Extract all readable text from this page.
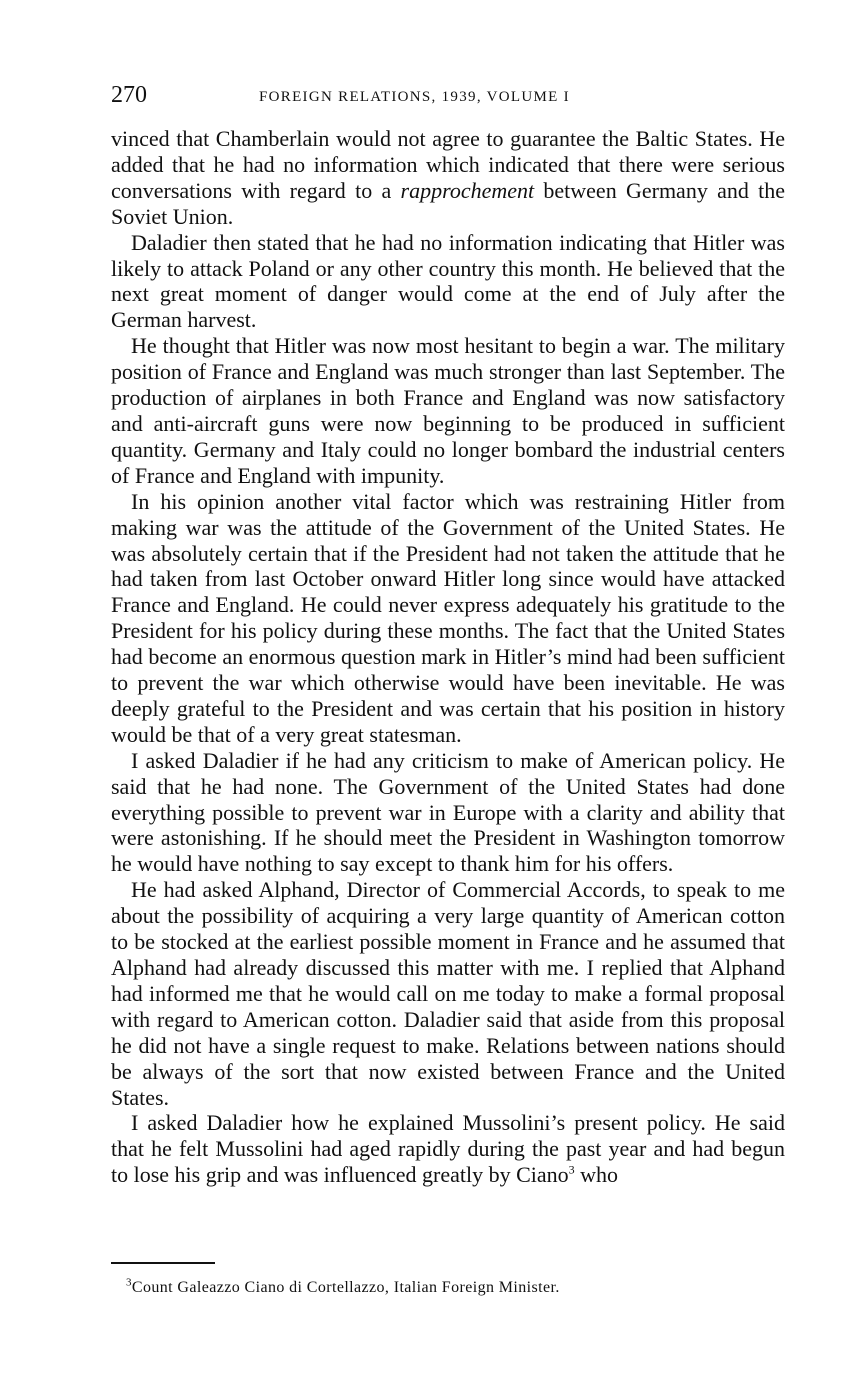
270	FOREIGN RELATIONS, 1939, VOLUME I

vinced that Chamberlain would not agree to guarantee the Baltic States. He added that he had no information which indicated that there were serious conversations with regard to a rapprochement between Germany and the Soviet Union.

Daladier then stated that he had no information indicating that Hitler was likely to attack Poland or any other country this month. He believed that the next great moment of danger would come at the end of July after the German harvest.

He thought that Hitler was now most hesitant to begin a war. The military position of France and England was much stronger than last September. The production of airplanes in both France and England was now satisfactory and anti-aircraft guns were now beginning to be produced in sufficient quantity. Germany and Italy could no longer bombard the industrial centers of France and England with impunity.

In his opinion another vital factor which was restraining Hitler from making war was the attitude of the Government of the United States. He was absolutely certain that if the President had not taken the attitude that he had taken from last October onward Hitler long since would have attacked France and England. He could never express adequately his gratitude to the President for his policy during these months. The fact that the United States had become an enormous question mark in Hitler’s mind had been sufficient to prevent the war which otherwise would have been inevitable. He was deeply grateful to the President and was certain that his position in history would be that of a very great statesman.

I asked Daladier if he had any criticism to make of American policy. He said that he had none. The Government of the United States had done everything possible to prevent war in Europe with a clarity and ability that were astonishing. If he should meet the President in Washington tomorrow he would have nothing to say except to thank him for his offers.

He had asked Alphand, Director of Commercial Accords, to speak to me about the possibility of acquiring a very large quantity of American cotton to be stocked at the earliest possible moment in France and he assumed that Alphand had already discussed this matter with me. I replied that Alphand had informed me that he would call on me today to make a formal proposal with regard to American cotton. Daladier said that aside from this proposal he did not have a single request to make. Relations between nations should be always of the sort that now existed between France and the United States.

I asked Daladier how he explained Mussolini’s present policy. He said that he felt Mussolini had aged rapidly during the past year and had begun to lose his grip and was influenced greatly by Ciano$^3$ who

$^3$Count Galeazzo Ciano di Cortellazzo, Italian Foreign Minister.
